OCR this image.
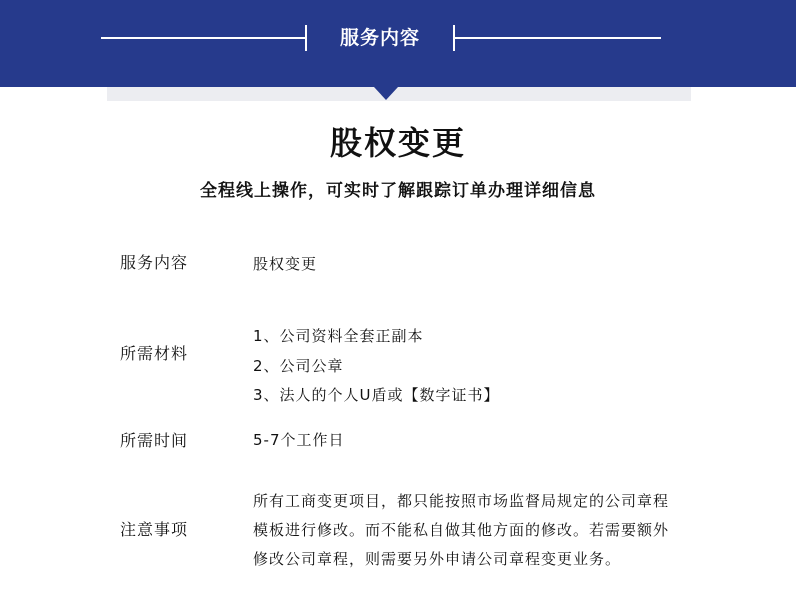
服务内容
股权变更
全程线上操作，可实时了解跟踪订单办理详细信息
服务内容	股权变更
所需材料
1、公司资料全套正副本
2、公司公章
3、法人的个人U盾或【数字证书】
所需时间	5-7个工作日
注意事项
所有工商变更项目，都只能按照市场监督局规定的公司章程模板进行修改。而不能私自做其他方面的修改。若需要额外修改公司章程，则需要另外申请公司章程变更业务。
